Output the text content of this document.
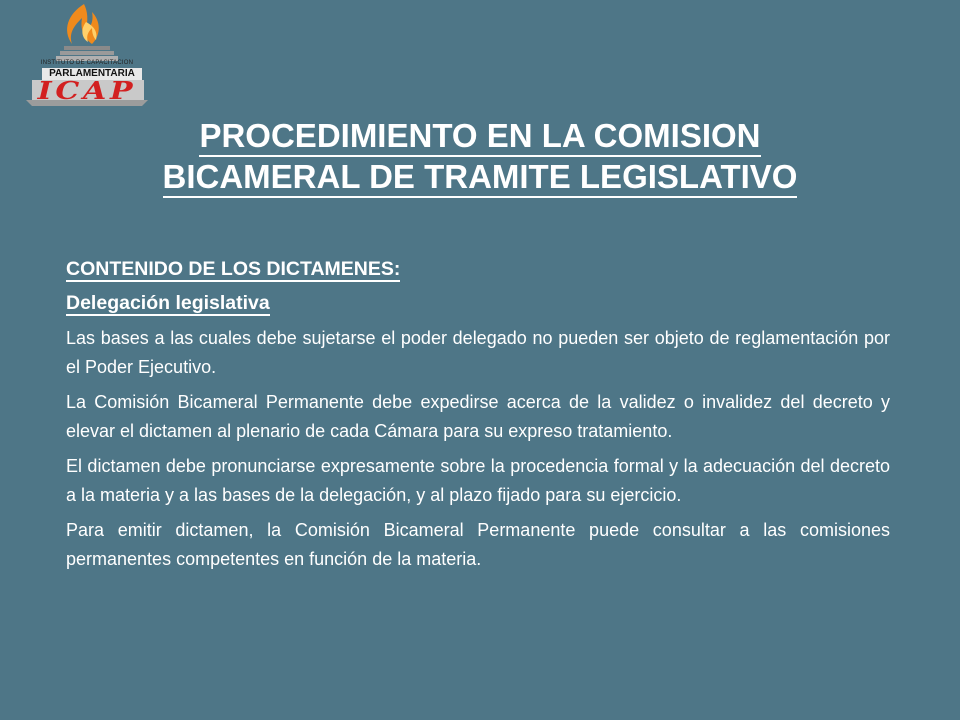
INSTITUTO DE CAPACITACION
PARLAMENTARIA
ICAP
PROCEDIMIENTO EN LA COMISION
BICAMERAL DE TRAMITE LEGISLATIVO
CONTENIDO DE LOS DICTAMENES:
Delegación legislativa

Las bases a las cuales debe sujetarse el poder delegado no pueden ser objeto de reglamentación por el Poder Ejecutivo.

La Comisión Bicameral Permanente debe expedirse acerca de la validez o invalidez del decreto y elevar el dictamen al plenario de cada Cámara para su expreso tratamiento.

El dictamen debe pronunciarse expresamente sobre la procedencia formal y la adecuación del decreto a la materia y a las bases de la delegación, y al plazo fijado para su ejercicio.

Para emitir dictamen, la Comisión Bicameral Permanente puede consultar a las comisiones permanentes competentes en función de la materia.
